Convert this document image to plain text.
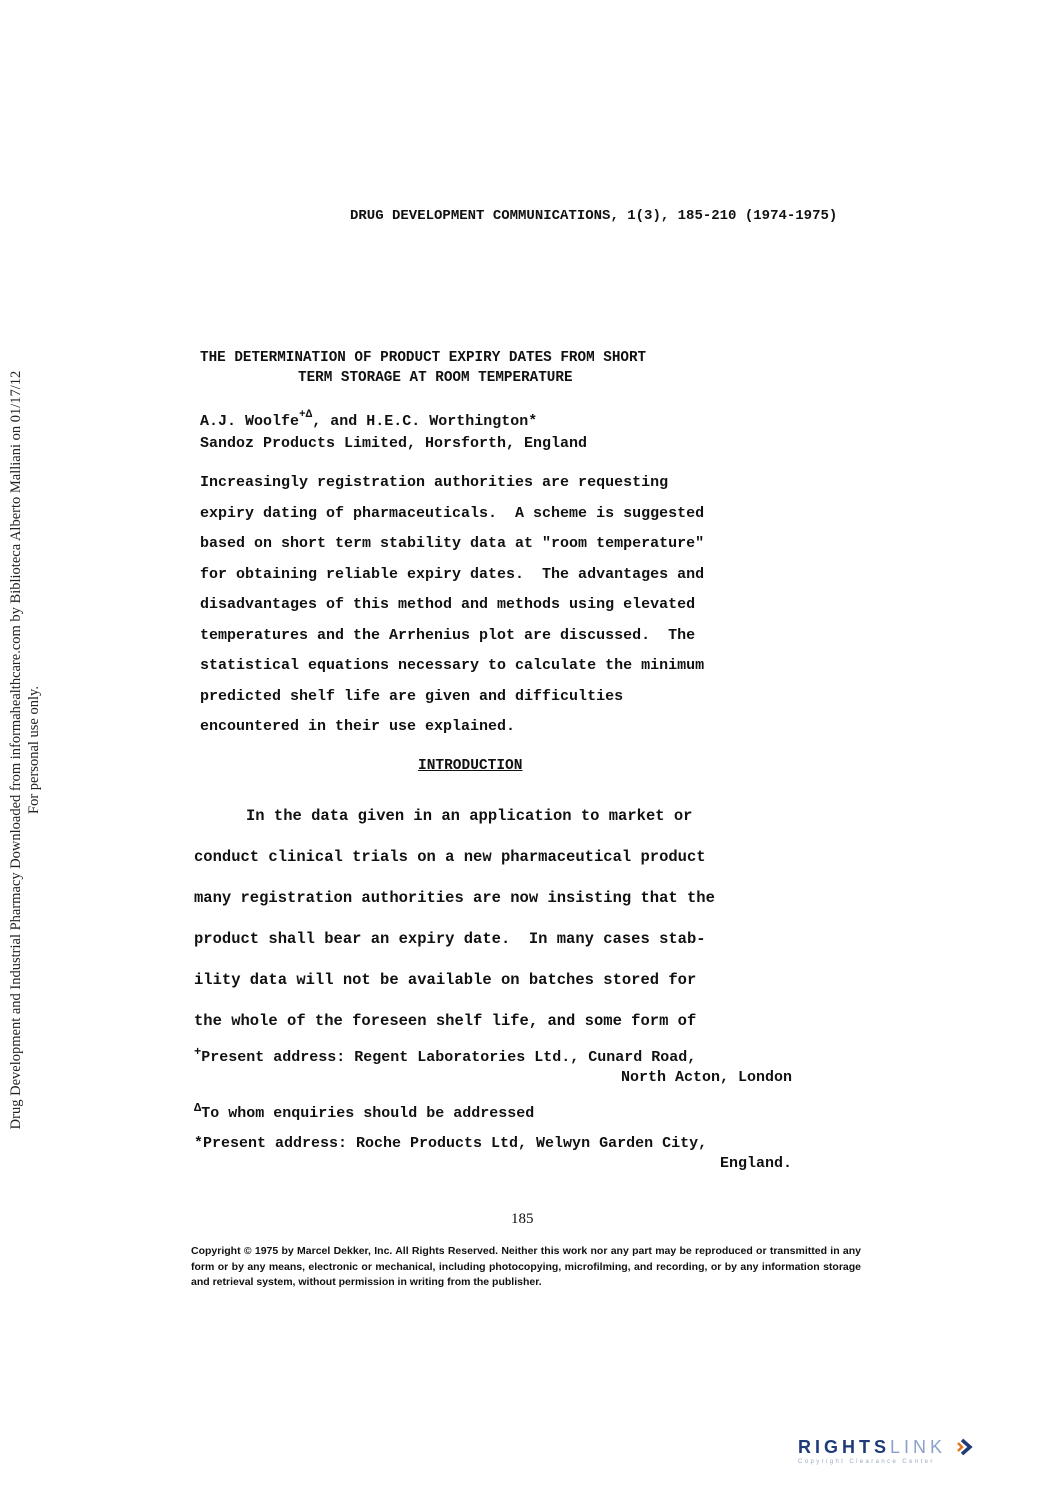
Drug Development and Industrial Pharmacy Downloaded from informahealthcare.com by Biblioteca Alberto Malliani on 01/17/12 For personal use only.
DRUG DEVELOPMENT COMMUNICATIONS, 1(3), 185-210 (1974-1975)
THE DETERMINATION OF PRODUCT EXPIRY DATES FROM SHORT
TERM STORAGE AT ROOM TEMPERATURE
A.J. Woolfe$^{+\Delta}$, and H.E.C. Worthington*
Sandoz Products Limited, Horsforth, England
Increasingly registration authorities are requesting
expiry dating of pharmaceuticals.  A scheme is suggested
based on short term stability data at "room temperature"
for obtaining reliable expiry dates.  The advantages and
disadvantages of this method and methods using elevated
temperatures and the Arrhenius plot are discussed.  The
statistical equations necessary to calculate the minimum
predicted shelf life are given and difficulties
encountered in their use explained.
INTRODUCTION
In the data given in an application to market or
conduct clinical trials on a new pharmaceutical product
many registration authorities are now insisting that the
product shall bear an expiry date.  In many cases stab-
ility data will not be available on batches stored for
the whole of the foreseen shelf life, and some form of
+Present address: Regent Laboratories Ltd., Cunard Road,
North Acton, London
$^\Delta$To whom enquiries should be addressed
*Present address: Roche Products Ltd, Welwyn Garden City,
England.
185
Copyright © 1975 by Marcel Dekker, Inc. All Rights Reserved. Neither this work nor any part may be reproduced or transmitted in any form or by any means, electronic or mechanical, including photocopying, microfilming, and recording, or by any information storage and retrieval system, without permission in writing from the publisher.
RIGHTSLINK
Copyright Clearance Center
